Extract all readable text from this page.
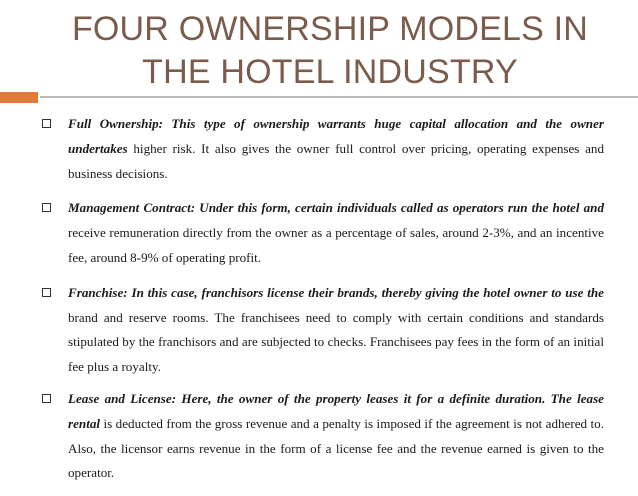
FOUR OWNERSHIP MODELS IN
THE HOTEL INDUSTRY
Full Ownership: This type of ownership warrants huge capital allocation and the owner undertakes higher risk. It also gives the owner full control over pricing, operating expenses and business decisions.
Management Contract: Under this form, certain individuals called as operators run the hotel and receive remuneration directly from the owner as a percentage of sales, around 2-3%, and an incentive fee, around 8-9% of operating profit.
Franchise: In this case, franchisors license their brands, thereby giving the hotel owner to use the brand and reserve rooms. The franchisees need to comply with certain conditions and standards stipulated by the franchisors and are subjected to checks. Franchisees pay fees in the form of an initial fee plus a royalty.
Lease and License: Here, the owner of the property leases it for a definite duration. The lease rental is deducted from the gross revenue and a penalty is imposed if the agreement is not adhered to. Also, the licensor earns revenue in the form of a license fee and the revenue earned is given to the operator.
